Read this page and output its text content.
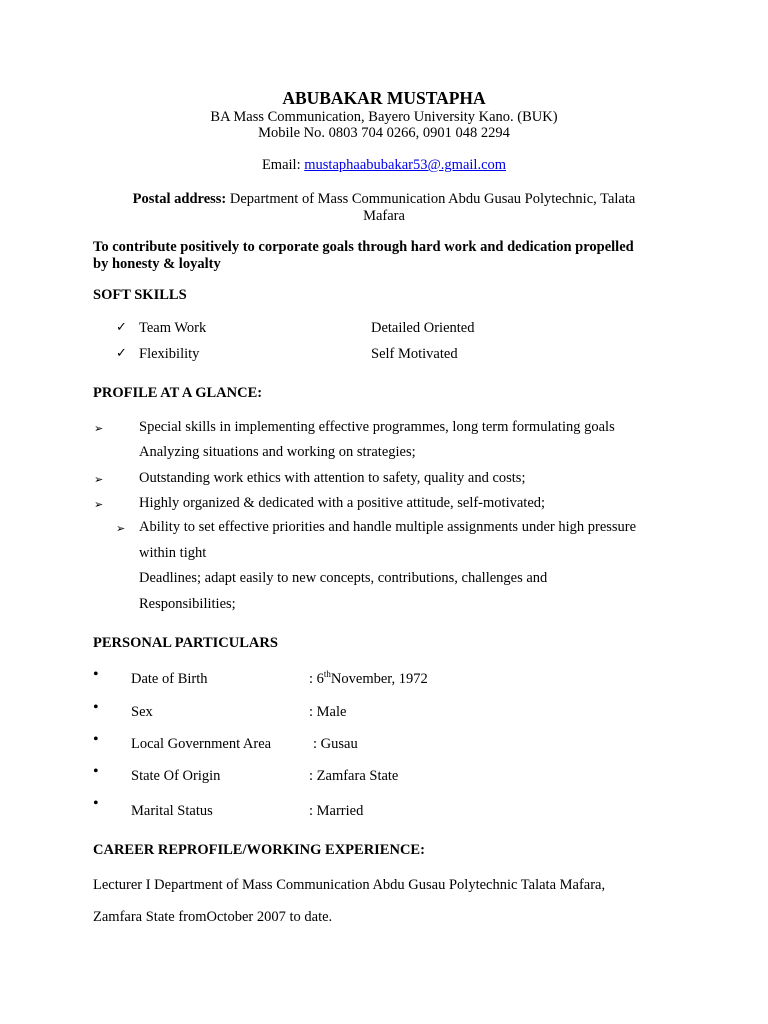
ABUBAKAR MUSTAPHA
BA Mass Communication, Bayero University Kano. (BUK)
Mobile No. 0803 704 0266, 0901 048 2294
Email: mustaphaabubakar53@.gmail.com
Postal address: Department of Mass Communication Abdu Gusau Polytechnic, Talata
Mafara
To contribute positively to corporate goals through hard work and dedication propelled
by honesty & loyalty
SOFT SKILLS
✓ Team Work	Detailed Oriented
✓ Flexibility	Self Motivated
PROFILE AT A GLANCE:
➢ Special skills in implementing effective programmes, long term formulating goals
Analyzing situations and working on strategies;
➢ Outstanding work ethics with attention to safety, quality and costs;
➢ Highly organized & dedicated with a positive attitude, self-motivated;
➢ Ability to set effective priorities and handle multiple assignments under high pressure
within tight
Deadlines; adapt easily to new concepts, contributions, challenges and
Responsibilities;
PERSONAL PARTICULARS
• Date of Birth	: 6thNovember, 1972
• Sex	: Male
• Local Government Area	: Gusau
• State Of Origin	: Zamfara State
• Marital Status	: Married
CAREER REPROFILE/WORKING EXPERIENCE:
Lecturer I Department of Mass Communication Abdu Gusau Polytechnic Talata Mafara,
Zamfara State fromOctober 2007 to date.
